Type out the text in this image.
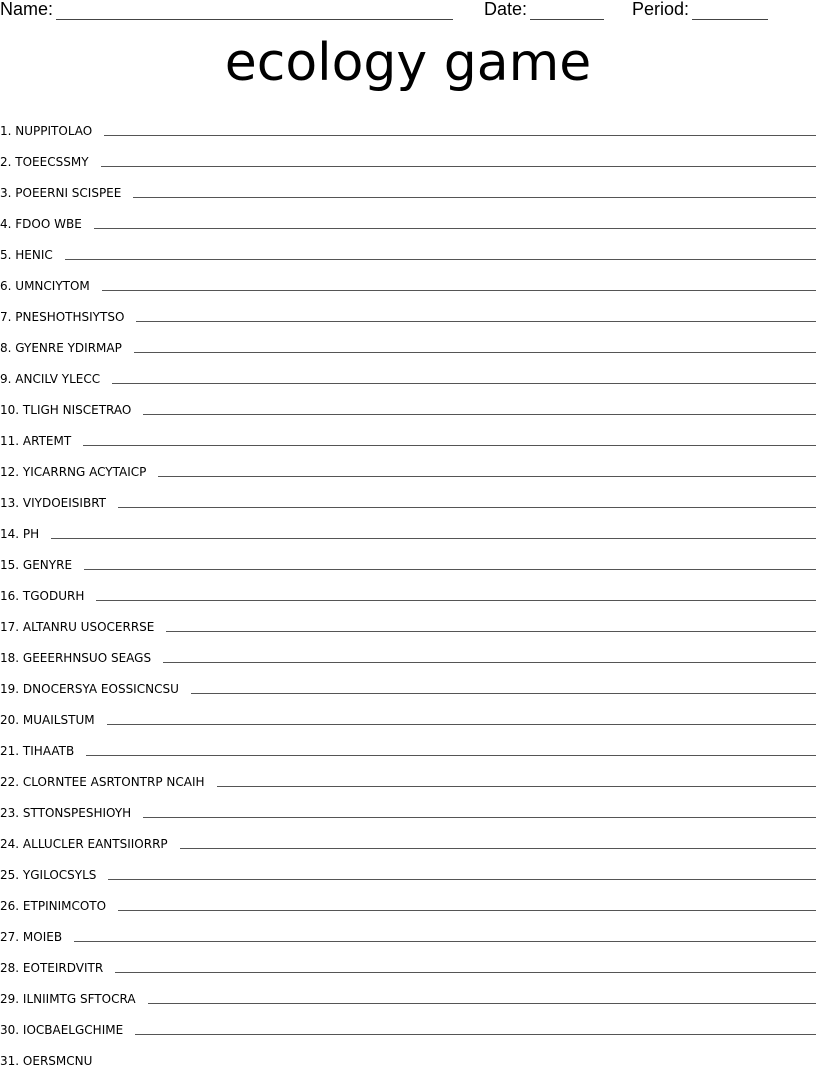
Name:	Date:	Period:
ecology game
1. NUPPITOLAO
2. TOEECSSMY
3. POEERNI SCISPEE
4. FDOO WBE
5. HENIC
6. UMNCIYTOM
7. PNESHOTHSIYTSO
8. GYENRE YDIRMAP
9. ANCILV YLECC
10. TLIGH NISCETRAO
11. ARTEMT
12. YICARRNG ACYTAICP
13. VIYDOEISIBRT
14. PH
15. GENYRE
16. TGODURH
17. ALTANRU USOCERRSE
18. GEEERHNSUO SEAGS
19. DNOCERSYA EOSSICNCSU
20. MUAILSTUM
21. TIHAATB
22. CLORNTEE ASRTONTRP NCAIH
23. STTONSPESHIOYH
24. ALLUCLER EANTSIIORRP
25. YGILOCSYLS
26. ETPINIMCOTO
27. MOIEB
28. EOTEIRDVITR
29. ILNIIMTG SFTOCRA
30. IOCBAELGCHIME
31. OERSMCNU
